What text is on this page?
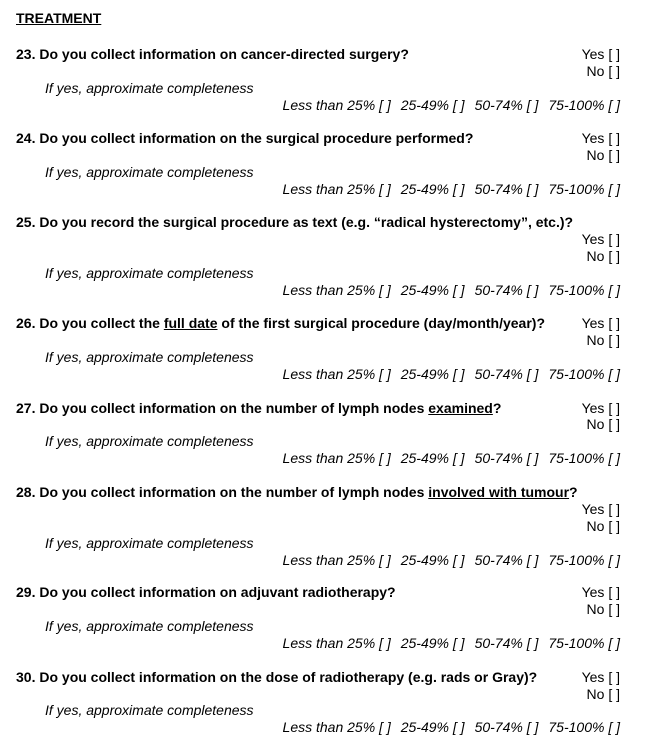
TREATMENT
23. Do you collect information on cancer-directed surgery?	Yes [ ]
No [ ]
If yes, approximate completeness
Less than 25% [ ] 25-49% [ ] 50-74% [ ] 75-100% [ ]
24. Do you collect information on the surgical procedure performed?	Yes [ ]
No [ ]
If yes, approximate completeness
Less than 25% [ ] 25-49% [ ] 50-74% [ ] 75-100% [ ]
25. Do you record the surgical procedure as text (e.g. “radical hysterectomy”, etc.)?
Yes [ ]
No [ ]
If yes, approximate completeness
Less than 25% [ ] 25-49% [ ] 50-74% [ ] 75-100% [ ]
26. Do you collect the full date of the first surgical procedure (day/month/year)?	Yes [ ]
No [ ]
If yes, approximate completeness
Less than 25% [ ] 25-49% [ ] 50-74% [ ] 75-100% [ ]
27. Do you collect information on the number of lymph nodes examined?	Yes [ ]
No [ ]
If yes, approximate completeness
Less than 25% [ ] 25-49% [ ] 50-74% [ ] 75-100% [ ]
28. Do you collect information on the number of lymph nodes involved with tumour?
Yes [ ]
No [ ]
If yes, approximate completeness
Less than 25% [ ] 25-49% [ ] 50-74% [ ] 75-100% [ ]
29. Do you collect information on adjuvant radiotherapy?	Yes [ ]
No [ ]
If yes, approximate completeness
Less than 25% [ ] 25-49% [ ] 50-74% [ ] 75-100% [ ]
30. Do you collect information on the dose of radiotherapy (e.g. rads or Gray)?	Yes [ ]
No [ ]
If yes, approximate completeness
Less than 25% [ ] 25-49% [ ] 50-74% [ ] 75-100% [ ]
